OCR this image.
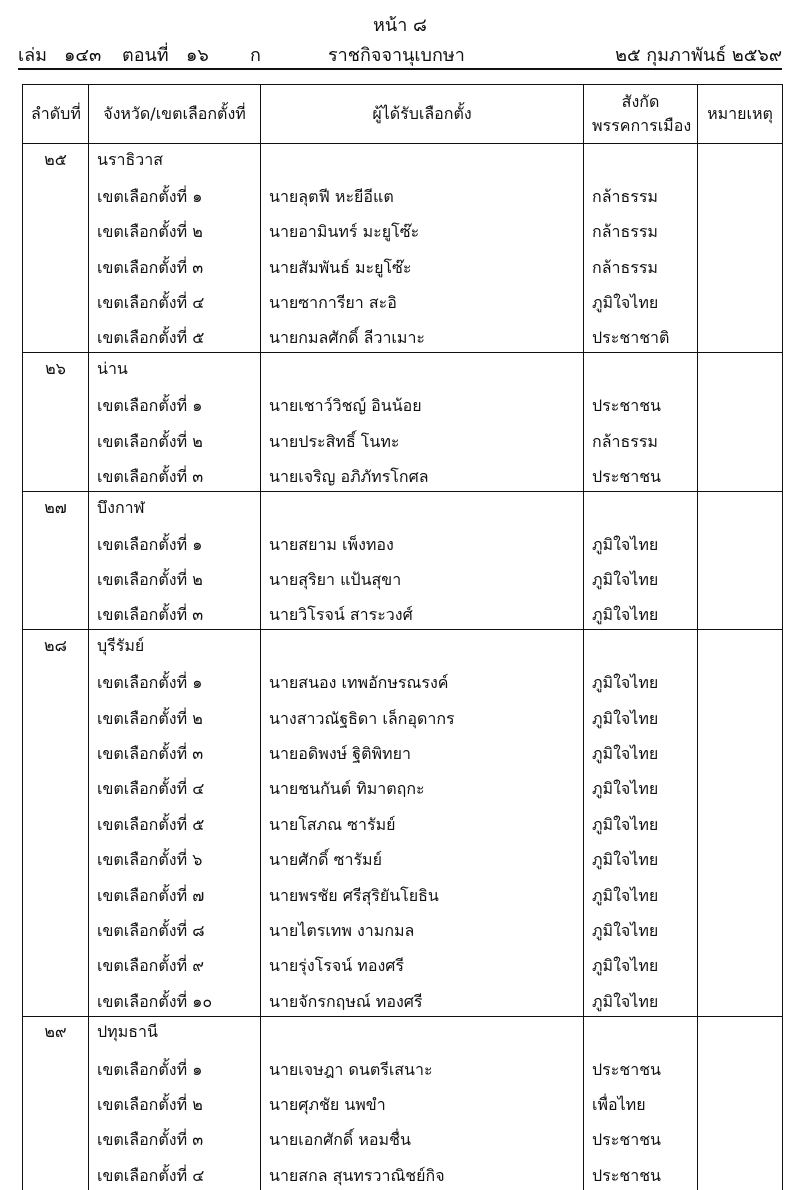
หน้า ๘
เล่ม ๑๔๓ ตอนที่ ๑๖ ก	ราชกิจจานุเบกษา	๒๕ กุมภาพันธ์ ๒๕๖๙
ลำดับที่	จังหวัด/เขตเลือกตั้งที่	ผู้ได้รับเลือกตั้ง	สังกัด
พรรคการเมือง	หมายเหตุ
๒๕	นราธิวาส			
	เขตเลือกตั้งที่ ๑	นายลุตฟี หะยีอีแต	กล้าธรรม	
	เขตเลือกตั้งที่ ๒	นายอามินทร์ มะยูโซ๊ะ	กล้าธรรม	
	เขตเลือกตั้งที่ ๓	นายสัมพันธ์ มะยูโซ๊ะ	กล้าธรรม	
	เขตเลือกตั้งที่ ๔	นายซาการียา สะอิ	ภูมิใจไทย	
	เขตเลือกตั้งที่ ๕	นายกมลศักดิ์ ลีวาเมาะ	ประชาชาติ	
๒๖	น่าน			
	เขตเลือกตั้งที่ ๑	นายเชาว์วิชญ์ อินน้อย	ประชาชน	
	เขตเลือกตั้งที่ ๒	นายประสิทธิ์ โนทะ	กล้าธรรม	
	เขตเลือกตั้งที่ ๓	นายเจริญ อภิภัทรโกศล	ประชาชน	
๒๗	บึงกาฬ			
	เขตเลือกตั้งที่ ๑	นายสยาม เพ็งทอง	ภูมิใจไทย	
	เขตเลือกตั้งที่ ๒	นายสุริยา แป้นสุขา	ภูมิใจไทย	
	เขตเลือกตั้งที่ ๓	นายวิโรจน์ สาระวงศ์	ภูมิใจไทย	
๒๘	บุรีรัมย์			
	เขตเลือกตั้งที่ ๑	นายสนอง เทพอักษรณรงค์	ภูมิใจไทย	
	เขตเลือกตั้งที่ ๒	นางสาวณัฐธิดา เล็กอุดากร	ภูมิใจไทย	
	เขตเลือกตั้งที่ ๓	นายอดิพงษ์ ฐิติพิทยา	ภูมิใจไทย	
	เขตเลือกตั้งที่ ๔	นายชนกันต์ ทิมาตฤกะ	ภูมิใจไทย	
	เขตเลือกตั้งที่ ๕	นายโสภณ ซารัมย์	ภูมิใจไทย	
	เขตเลือกตั้งที่ ๖	นายศักดิ์ ซารัมย์	ภูมิใจไทย	
	เขตเลือกตั้งที่ ๗	นายพรชัย ศรีสุริยันโยธิน	ภูมิใจไทย	
	เขตเลือกตั้งที่ ๘	นายไตรเทพ งามกมล	ภูมิใจไทย	
	เขตเลือกตั้งที่ ๙	นายรุ่งโรจน์ ทองศรี	ภูมิใจไทย	
	เขตเลือกตั้งที่ ๑๐	นายจักรกฤษณ์ ทองศรี	ภูมิใจไทย	
๒๙	ปทุมธานี			
	เขตเลือกตั้งที่ ๑	นายเจษฎา ดนตรีเสนาะ	ประชาชน	
	เขตเลือกตั้งที่ ๒	นายศุภชัย นพขำ	เพื่อไทย	
	เขตเลือกตั้งที่ ๓	นายเอกศักดิ์ หอมชื่น	ประชาชน	
	เขตเลือกตั้งที่ ๔	นายสกล สุนทรวาณิชย์กิจ	ประชาชน	
